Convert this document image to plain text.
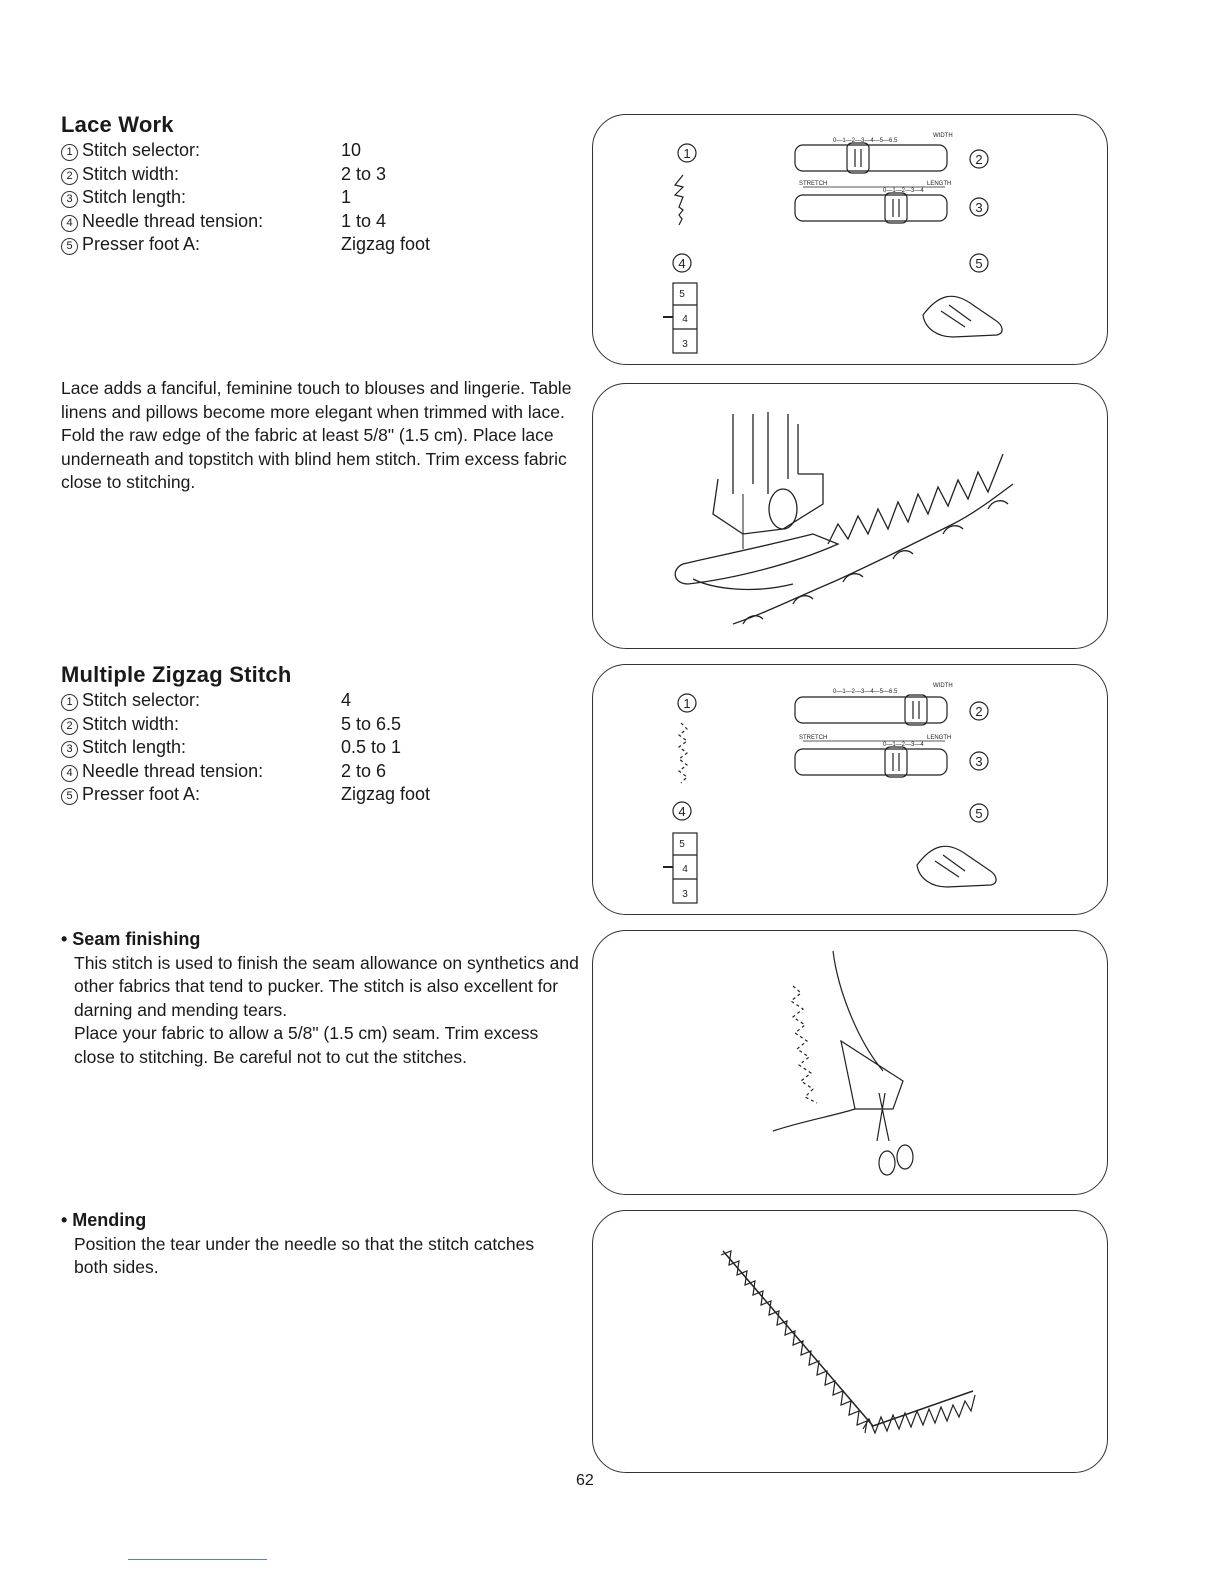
Lace Work
1 Stitch selector:	10
2 Stitch width:	2 to 3
3 Stitch length:	1
4 Needle thread tension:	1 to 4
5 Presser foot A:	Zigzag foot

Lace adds a fanciful, feminine touch to blouses and lingerie. Table linens and pillows become more elegant when trimmed with lace.

Fold the raw edge of the fabric at least 5/8" (1.5 cm). Place lace underneath and topstitch with blind hem stitch. Trim excess fabric close to stitching.

1	2
3
4	5
WIDTH
0—1—2—3—4—5—6.5
STRETCH	LENGTH
0—1—2—3—4
5
4
3
Multiple Zigzag Stitch
1 Stitch selector:	4
2 Stitch width:	5 to 6.5
3 Stitch length:	0.5 to 1
4 Needle thread tension:	2 to 6
5 Presser foot A:	Zigzag foot
• Seam finishing

This stitch is used to finish the seam allowance on synthetics and other fabrics that tend to pucker. The stitch is also excellent for darning and mending tears.

Place your fabric to allow a 5/8" (1.5 cm) seam. Trim excess close to stitching. Be careful not to cut the stitches.

• Mending

Position the tear under the needle so that the stitch catches both sides.

1
2
3
4	5
WIDTH
0—1—2—3—4—5—6.5
STRETCH	LENGTH
0—1—2—3—4
5
4
3
62
